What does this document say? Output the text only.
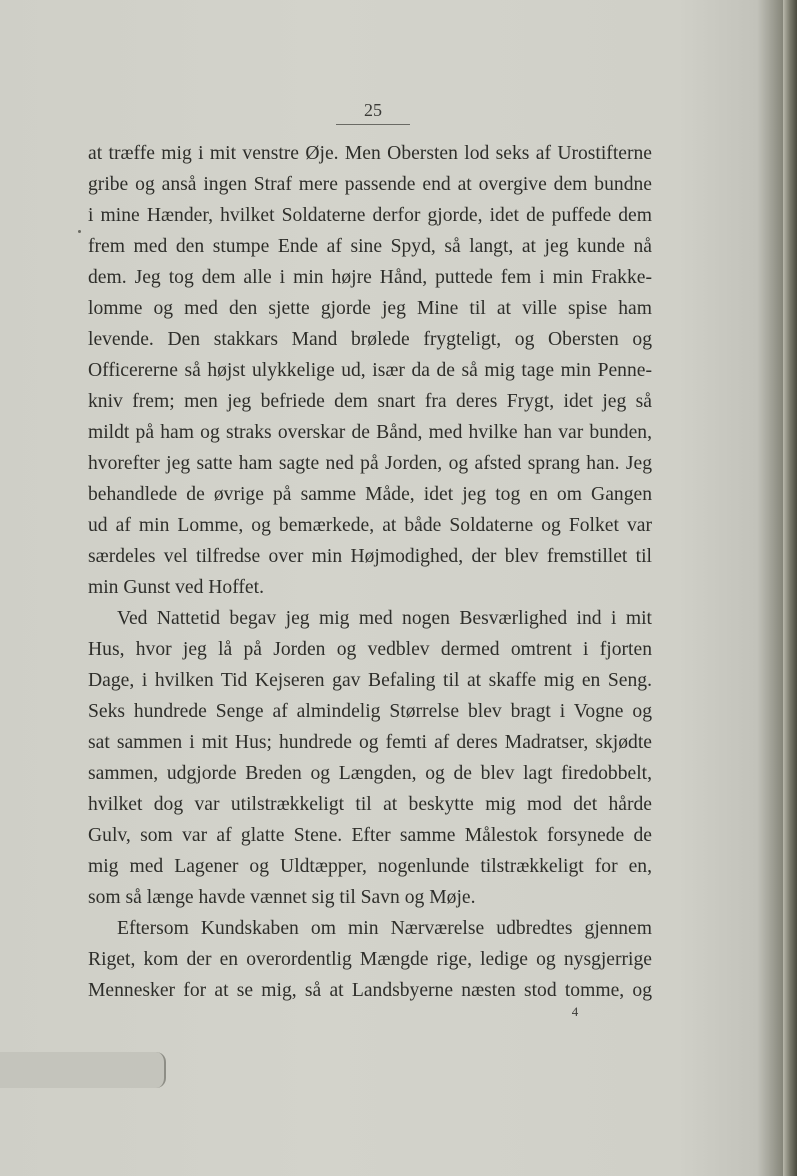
25
at træffe mig i mit venstre Øje. Men Obersten lod seks af Urostifterne
gribe og anså ingen Straf mere passende end at overgive dem bundne
i mine Hænder, hvilket Soldaterne derfor gjorde, idet de puffede dem
frem med den stumpe Ende af sine Spyd, så langt, at jeg kunde nå
dem. Jeg tog dem alle i min højre Hånd, puttede fem i min Frakke-
lomme og med den sjette gjorde jeg Mine til at ville spise ham
levende. Den stakkars Mand brølede frygteligt, og Obersten og
Officererne så højst ulykkelige ud, især da de så mig tage min Penne-
kniv frem; men jeg befriede dem snart fra deres Frygt, idet jeg så
mildt på ham og straks overskar de Bånd, med hvilke han var bunden,
hvorefter jeg satte ham sagte ned på Jorden, og afsted sprang han. Jeg
behandlede de øvrige på samme Måde, idet jeg tog en om Gangen
ud af min Lomme, og bemærkede, at både Soldaterne og Folket var
særdeles vel tilfredse over min Højmodighed, der blev fremstillet til
min Gunst ved Hoffet.
Ved Nattetid begav jeg mig med nogen Besværlighed ind i mit
Hus, hvor jeg lå på Jorden og vedblev dermed omtrent i fjorten
Dage, i hvilken Tid Kejseren gav Befaling til at skaffe mig en Seng.
Seks hundrede Senge af almindelig Størrelse blev bragt i Vogne og
sat sammen i mit Hus; hundrede og femti af deres Madratser, skjødte
sammen, udgjorde Breden og Længden, og de blev lagt firedobbelt,
hvilket dog var utilstrækkeligt til at beskytte mig mod det hårde
Gulv, som var af glatte Stene. Efter samme Målestok forsynede de
mig med Lagener og Uldtæpper, nogenlunde tilstrækkeligt for en,
som så længe havde vænnet sig til Savn og Møje.
Eftersom Kundskaben om min Nærværelse udbredtes gjennem
Riget, kom der en overordentlig Mængde rige, ledige og nysgjerrige
Mennesker for at se mig, så at Landsbyerne næsten stod tomme, og
4
